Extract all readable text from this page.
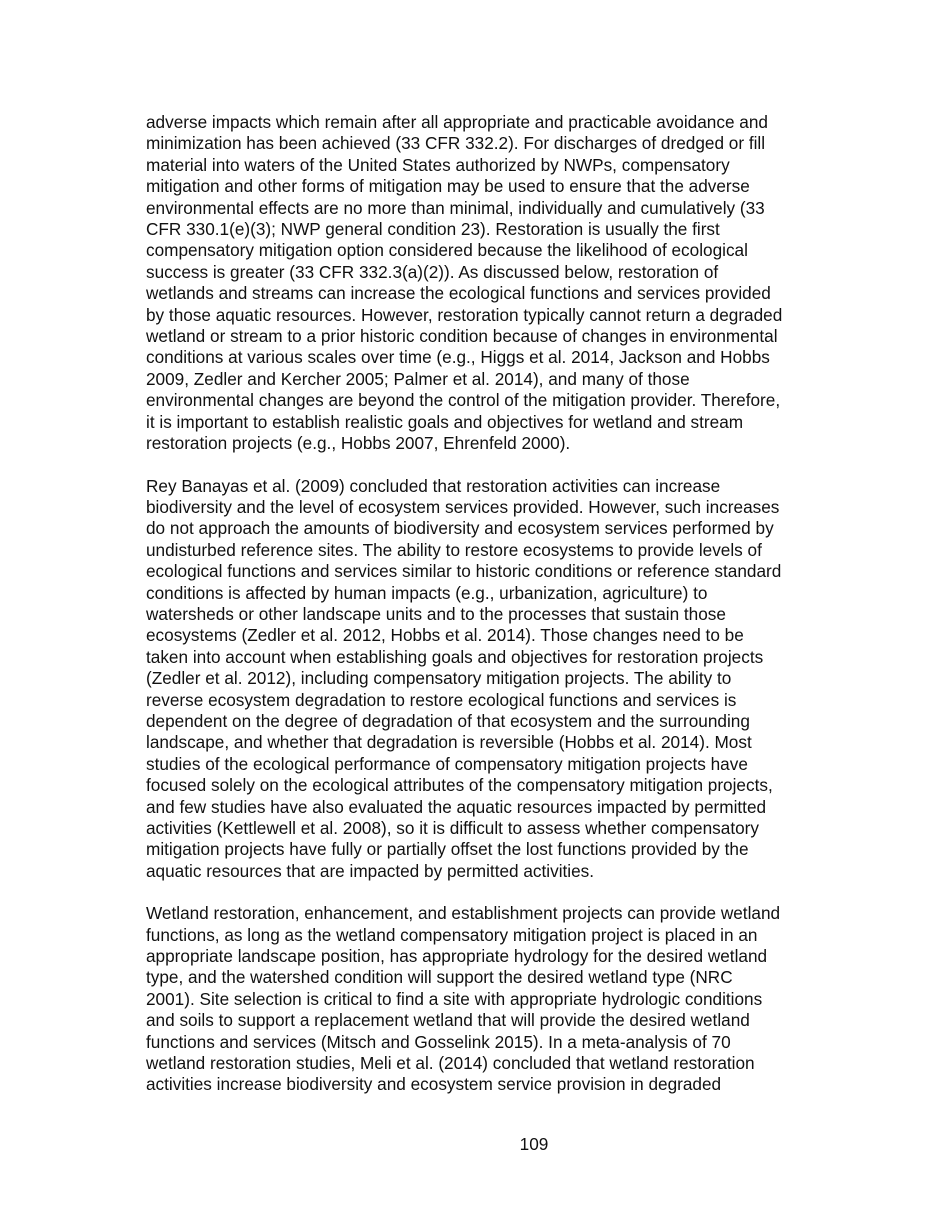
adverse impacts which remain after all appropriate and practicable avoidance and
minimization has been achieved (33 CFR 332.2). For discharges of dredged or fill
material into waters of the United States authorized by NWPs, compensatory
mitigation and other forms of mitigation may be used to ensure that the adverse
environmental effects are no more than minimal, individually and cumulatively (33
CFR 330.1(e)(3); NWP general condition 23). Restoration is usually the first
compensatory mitigation option considered because the likelihood of ecological
success is greater (33 CFR 332.3(a)(2)). As discussed below, restoration of
wetlands and streams can increase the ecological functions and services provided
by those aquatic resources. However, restoration typically cannot return a degraded
wetland or stream to a prior historic condition because of changes in environmental
conditions at various scales over time (e.g., Higgs et al. 2014, Jackson and Hobbs
2009, Zedler and Kercher 2005; Palmer et al. 2014), and many of those
environmental changes are beyond the control of the mitigation provider. Therefore,
it is important to establish realistic goals and objectives for wetland and stream
restoration projects (e.g., Hobbs 2007, Ehrenfeld 2000).

Rey Banayas et al. (2009) concluded that restoration activities can increase
biodiversity and the level of ecosystem services provided. However, such increases
do not approach the amounts of biodiversity and ecosystem services performed by
undisturbed reference sites. The ability to restore ecosystems to provide levels of
ecological functions and services similar to historic conditions or reference standard
conditions is affected by human impacts (e.g., urbanization, agriculture) to
watersheds or other landscape units and to the processes that sustain those
ecosystems (Zedler et al. 2012, Hobbs et al. 2014). Those changes need to be
taken into account when establishing goals and objectives for restoration projects
(Zedler et al. 2012), including compensatory mitigation projects. The ability to
reverse ecosystem degradation to restore ecological functions and services is
dependent on the degree of degradation of that ecosystem and the surrounding
landscape, and whether that degradation is reversible (Hobbs et al. 2014). Most
studies of the ecological performance of compensatory mitigation projects have
focused solely on the ecological attributes of the compensatory mitigation projects,
and few studies have also evaluated the aquatic resources impacted by permitted
activities (Kettlewell et al. 2008), so it is difficult to assess whether compensatory
mitigation projects have fully or partially offset the lost functions provided by the
aquatic resources that are impacted by permitted activities.

Wetland restoration, enhancement, and establishment projects can provide wetland
functions, as long as the wetland compensatory mitigation project is placed in an
appropriate landscape position, has appropriate hydrology for the desired wetland
type, and the watershed condition will support the desired wetland type (NRC
2001). Site selection is critical to find a site with appropriate hydrologic conditions
and soils to support a replacement wetland that will provide the desired wetland
functions and services (Mitsch and Gosselink 2015). In a meta-analysis of 70
wetland restoration studies, Meli et al. (2014) concluded that wetland restoration
activities increase biodiversity and ecosystem service provision in degraded

109
